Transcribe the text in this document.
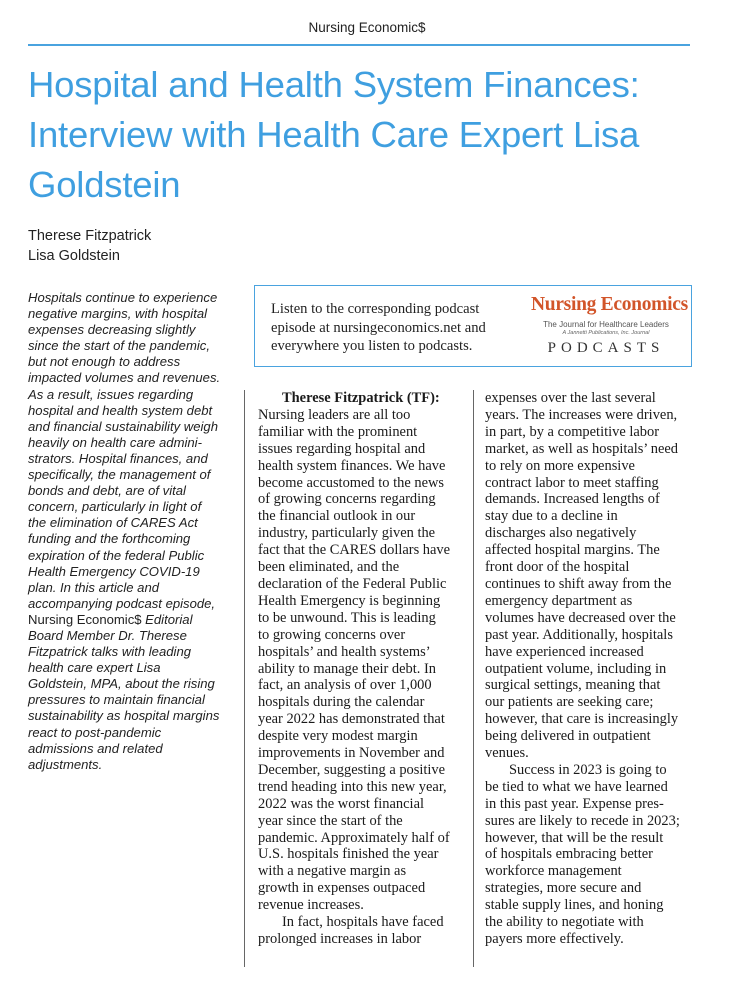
Nursing Economic$
Hospital and Health System Finances: Interview with Health Care Expert Lisa Goldstein
Therese Fitzpatrick
Lisa Goldstein

Hospitals continue to experience
negative margins, with hospital
expenses decreasing slightly
since the start of the pandemic,
but not enough to address
impacted volumes and revenues.
As a result, issues regarding
hospital and health system debt
and financial sustainability weigh
heavily on health care admini-
strators. Hospital finances, and
specifically, the management of
bonds and debt, are of vital
concern, particularly in light of
the elimination of CARES Act
funding and the forthcoming
expiration of the federal Public
Health Emergency COVID-19
plan. In this article and
accompanying podcast episode,
Nursing Economic$ Editorial
Board Member Dr. Therese
Fitzpatrick talks with leading
health care expert Lisa
Goldstein, MPA, about the rising
pressures to maintain financial
sustainability as hospital margins
react to post-pandemic
admissions and related
adjustments.

Listen to the corresponding podcast
episode at nursingeconomics.net and
everywhere you listen to podcasts.
Nursing Economics
The Journal for Healthcare Leaders
A Jannetti Publications, Inc. Journal
PODCASTS
Therese Fitzpatrick (TF):
Nursing leaders are all too
familiar with the prominent
issues regarding hospital and
health system finances. We have
become accustomed to the news
of growing concerns regarding
the financial outlook in our
industry, particularly given the
fact that the CARES dollars have
been eliminated, and the
declaration of the Federal Public
Health Emergency is beginning
to be unwound. This is leading
to growing concerns over
hospitals’ and health systems’
ability to manage their debt. In
fact, an analysis of over 1,000
hospitals during the calendar
year 2022 has demonstrated that
despite very modest margin
improvements in November and
December, suggesting a positive
trend heading into this new year,
2022 was the worst financial
year since the start of the
pandemic. Approximately half of
U.S. hospitals finished the year
with a negative margin as
growth in expenses outpaced
revenue increases.
In fact, hospitals have faced
prolonged increases in labor
expenses over the last several
years. The increases were driven,
in part, by a competitive labor
market, as well as hospitals’ need
to rely on more expensive
contract labor to meet staffing
demands. Increased lengths of
stay due to a decline in
discharges also negatively
affected hospital margins. The
front door of the hospital
continues to shift away from the
emergency department as
volumes have decreased over the
past year. Additionally, hospitals
have experienced increased
outpatient volume, including in
surgical settings, meaning that
our patients are seeking care;
however, that care is increasingly
being delivered in outpatient
venues.
Success in 2023 is going to
be tied to what we have learned
in this past year. Expense pres-
sures are likely to recede in 2023;
however, that will be the result
of hospitals embracing better
workforce management
strategies, more secure and
stable supply lines, and honing
the ability to negotiate with
payers more effectively.
